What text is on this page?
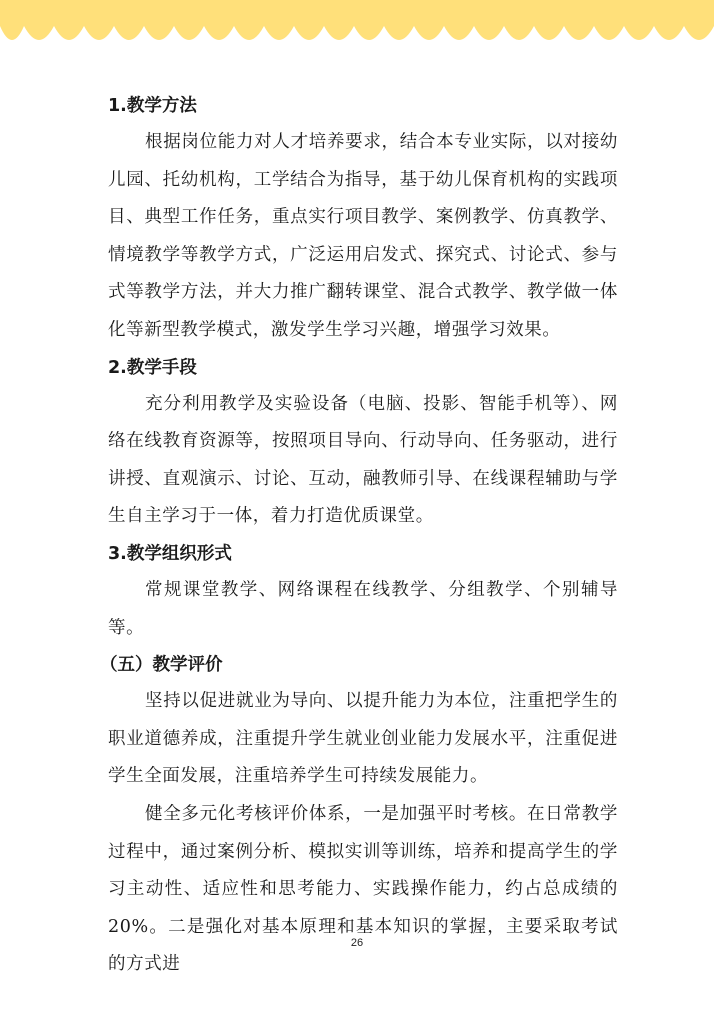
1.教学方法

根据岗位能力对人才培养要求，结合本专业实际，以对接幼儿园、托幼机构，工学结合为指导，基于幼儿保育机构的实践项目、典型工作任务，重点实行项目教学、案例教学、仿真教学、情境教学等教学方式，广泛运用启发式、探究式、讨论式、参与式等教学方法，并大力推广翻转课堂、混合式教学、教学做一体化等新型教学模式，激发学生学习兴趣，增强学习效果。

2.教学手段

充分利用教学及实验设备（电脑、投影、智能手机等）、网络在线教育资源等，按照项目导向、行动导向、任务驱动，进行讲授、直观演示、讨论、互动，融教师引导、在线课程辅助与学生自主学习于一体，着力打造优质课堂。

3.教学组织形式

常规课堂教学、网络课程在线教学、分组教学、个别辅导等。

（五）教学评价

坚持以促进就业为导向、以提升能力为本位，注重把学生的职业道德养成，注重提升学生就业创业能力发展水平，注重促进学生全面发展，注重培养学生可持续发展能力。

健全多元化考核评价体系，一是加强平时考核。在日常教学过程中，通过案例分析、模拟实训等训练，培养和提高学生的学习主动性、适应性和思考能力、实践操作能力，约占总成绩的 20%。二是强化对基本原理和基本知识的掌握，主要采取考试的方式进

26
